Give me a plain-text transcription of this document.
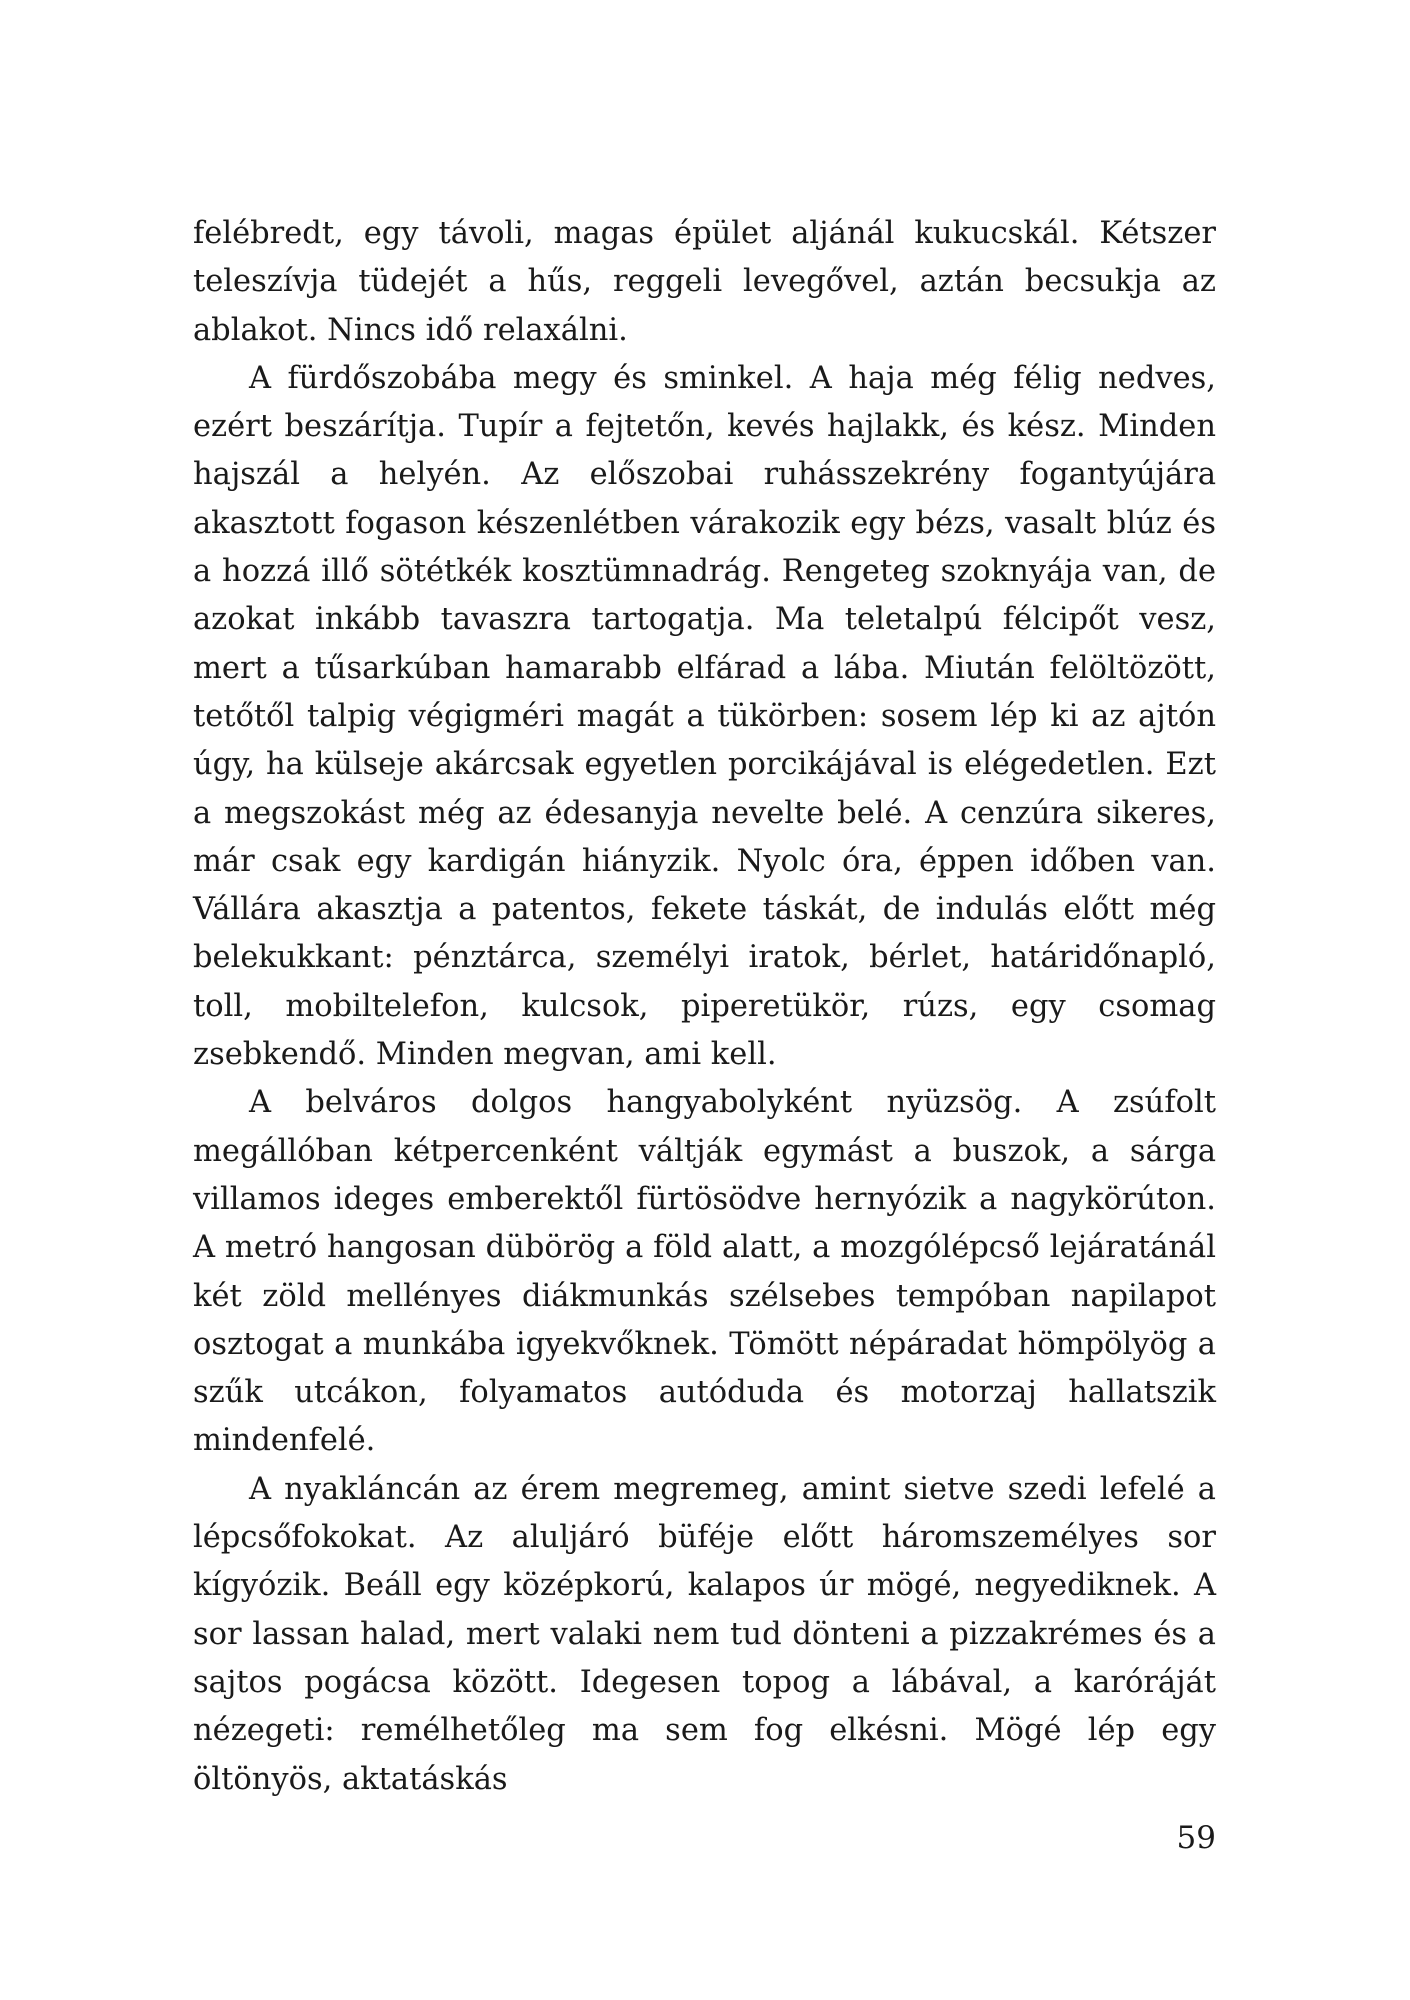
felébredt, egy távoli, magas épület aljánál kukucskál. Kétszer teleszívja tüdejét a hűs, reggeli levegővel, aztán becsukja az ablakot. Nincs idő relaxálni.

A fürdőszobába megy és sminkel. A haja még félig nedves, ezért beszárítja. Tupír a fejtetőn, kevés hajlakk, és kész. Minden hajszál a helyén. Az előszobai ruhásszekrény fogantyújára akasztott fogason készenlétben várakozik egy bézs, vasalt blúz és a hozzá illő sötétkék kosztümnadrág. Rengeteg szoknyája van, de azokat inkább tavaszra tartogatja. Ma teletalpú félcipőt vesz, mert a tűsarkúban hamarabb elfárad a lába. Miután felöltözött, tetőtől talpig végigméri magát a tükörben: sosem lép ki az ajtón úgy, ha külseje akárcsak egyetlen porcikájával is elégedetlen. Ezt a megszokást még az édesanyja nevelte belé. A cenzúra sikeres, már csak egy kardigán hiányzik. Nyolc óra, éppen időben van. Vállára akasztja a patentos, fekete táskát, de indulás előtt még belekukkant: pénztárca, személyi iratok, bérlet, határidőnapló, toll, mobiltelefon, kulcsok, piperetükör, rúzs, egy csomag zsebkendő. Minden megvan, ami kell.

A belváros dolgos hangyabolyként nyüzsög. A zsúfolt megállóban kétpercenként váltják egymást a buszok, a sárga villamos ideges emberektől fürtösödve hernyózik a nagykörúton. A metró hangosan dübörög a föld alatt, a mozgólépcső lejáratánál két zöld mellényes diákmunkás szélsebes tempóban napilapot osztogat a munkába igyekvőknek. Tömött népáradat hömpölyög a szűk utcákon, folyamatos autóduda és motorzaj hallatszik mindenfelé.

A nyakláncán az érem megremeg, amint sietve szedi lefelé a lépcsőfokokat. Az aluljáró büféje előtt háromszemélyes sor kígyózik. Beáll egy középkorú, kalapos úr mögé, negyediknek. A sor lassan halad, mert valaki nem tud dönteni a pizzakrémes és a sajtos pogácsa között. Idegesen topog a lábával, a karóráját nézegeti: remélhetőleg ma sem fog elkésni. Mögé lép egy öltönyös, aktatáskás

59
